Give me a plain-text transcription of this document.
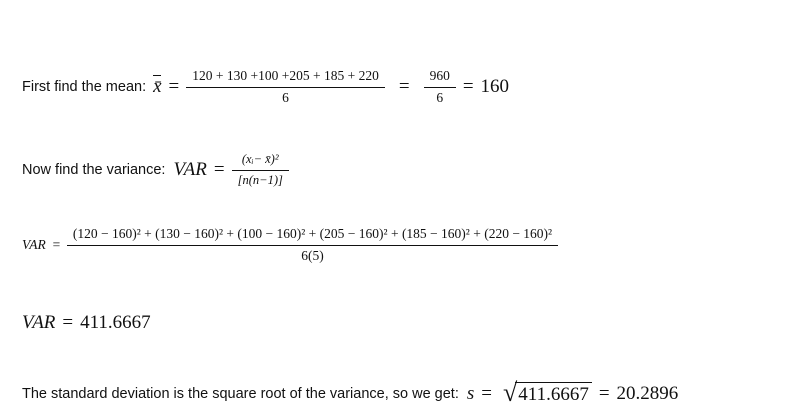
First find the mean: x̄ = $\frac{120 + 130 +100 +205 + 185 + 220}{6}$ =	$\frac{960}{6} = 160$
Now find the variance: VAR = $\frac{\text{(xᵢ− x̄)²}}{[n(n-1)]}$
VAR =
(120 − 160)² + (130 − 160)² + (100 − 160)² + (205 − 160)² + (185 − 160)² + (220 − 160)²
6(5)
VAR = 411.6667
The standard deviation is the square root of the variance, so we get: s = √ 411.6667 = 20.2896
